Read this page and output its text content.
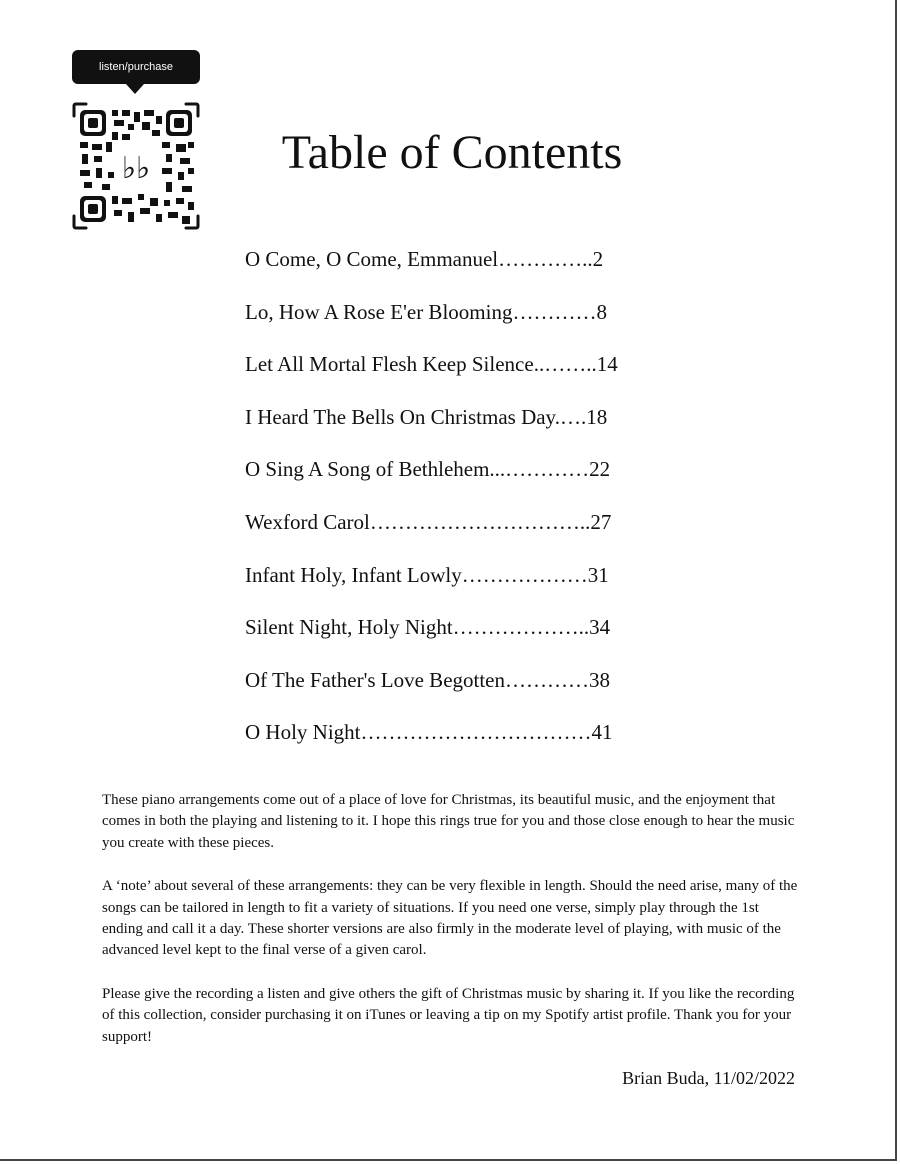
listen/purchase
♭♭	Table of Contents
O Come, O Come, Emmanuel…………..2
Lo, How A Rose E'er Blooming…………8
Let All Mortal Flesh Keep Silence..……..14
I Heard The Bells On Christmas Day.….18
O Sing A Song of Bethlehem...…………22
Wexford Carol…………………………..27
Infant Holy, Infant Lowly………………31
Silent Night, Holy Night………………..34
Of The Father's Love Begotten…………38
O Holy Night……………………………41

These piano arrangements come out of a place of love for Christmas, its beautiful music, and the enjoyment that comes in both the playing and listening to it. I hope this rings true for you and those close enough to hear the music you create with these pieces.

A ‘note’ about several of these arrangements: they can be very flexible in length. Should the need arise, many of the songs can be tailored in length to fit a variety of situations. If you need one verse, simply play through the 1st ending and call it a day. These shorter versions are also firmly in the moderate level of playing, with music of the advanced level kept to the final verse of a given carol.

Please give the recording a listen and give others the gift of Christmas music by sharing it. If you like the recording of this collection, consider purchasing it on iTunes or leaving a tip on my Spotify artist profile. Thank you for your support!

Brian Buda, 11/02/2022
